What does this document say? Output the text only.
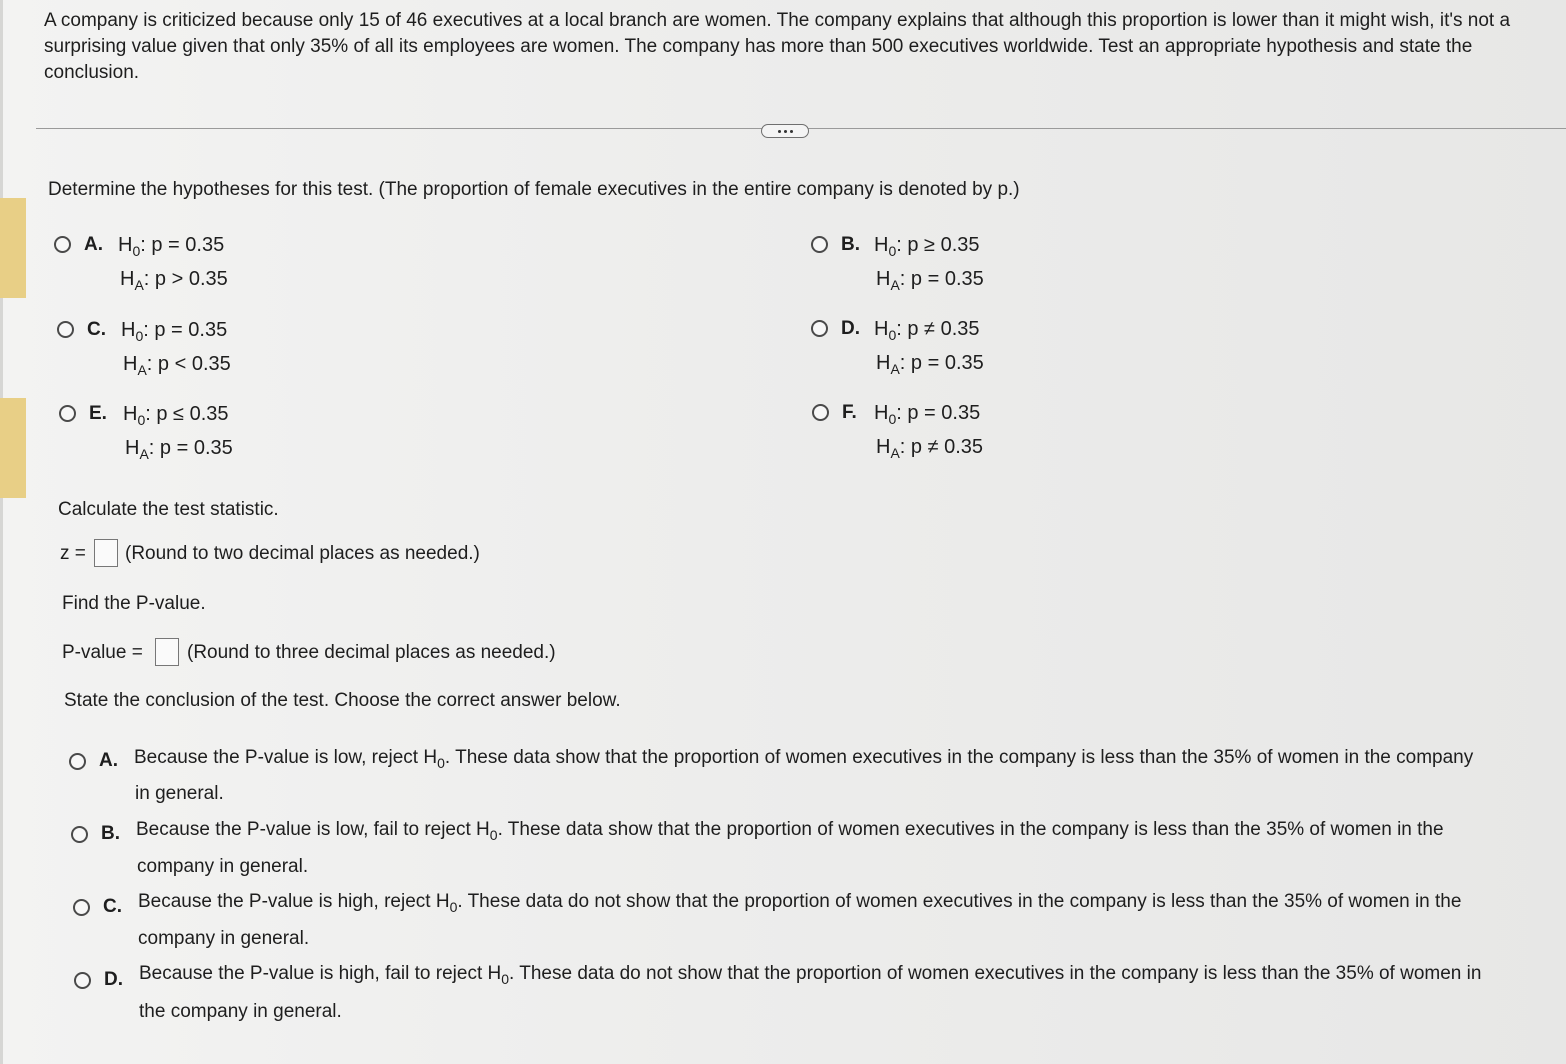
A company is criticized because only 15 of 46 executives at a local branch are women. The company explains that although this proportion is lower than it might wish, it's not a surprising value given that only 35% of all its employees are women. The company has more than 500 executives worldwide. Test an appropriate hypothesis and state the conclusion.

Determine the hypotheses for this test. (The proportion of female executives in the entire company is denoted by p.)
A. $H_0$: p = 0.35
$H_A$: p > 0.35
B. $H_0$: p ≥ 0.35
$H_A$: p = 0.35
C. $H_0$: p = 0.35
$H_A$: p < 0.35
D. $H_0$: p ≠ 0.35
$H_A$: p = 0.35
E. $H_0$: p ≤ 0.35
$H_A$: p = 0.35
F. $H_0$: p = 0.35
$H_A$: p ≠ 0.35
Calculate the test statistic.
z = (Round to two decimal places as needed.)
Find the P-value.
P-value = (Round to three decimal places as needed.)
State the conclusion of the test. Choose the correct answer below.
A. Because the P-value is low, reject $H_0$. These data show that the proportion of women executives in the company is less than the 35% of women in the company
in general.
B. Because the P-value is low, fail to reject $H_0$. These data show that the proportion of women executives in the company is less than the 35% of women in the
company in general.
C. Because the P-value is high, reject $H_0$. These data do not show that the proportion of women executives in the company is less than the 35% of women in the
company in general.
D. Because the P-value is high, fail to reject $H_0$. These data do not show that the proportion of women executives in the company is less than the 35% of women in
the company in general.
